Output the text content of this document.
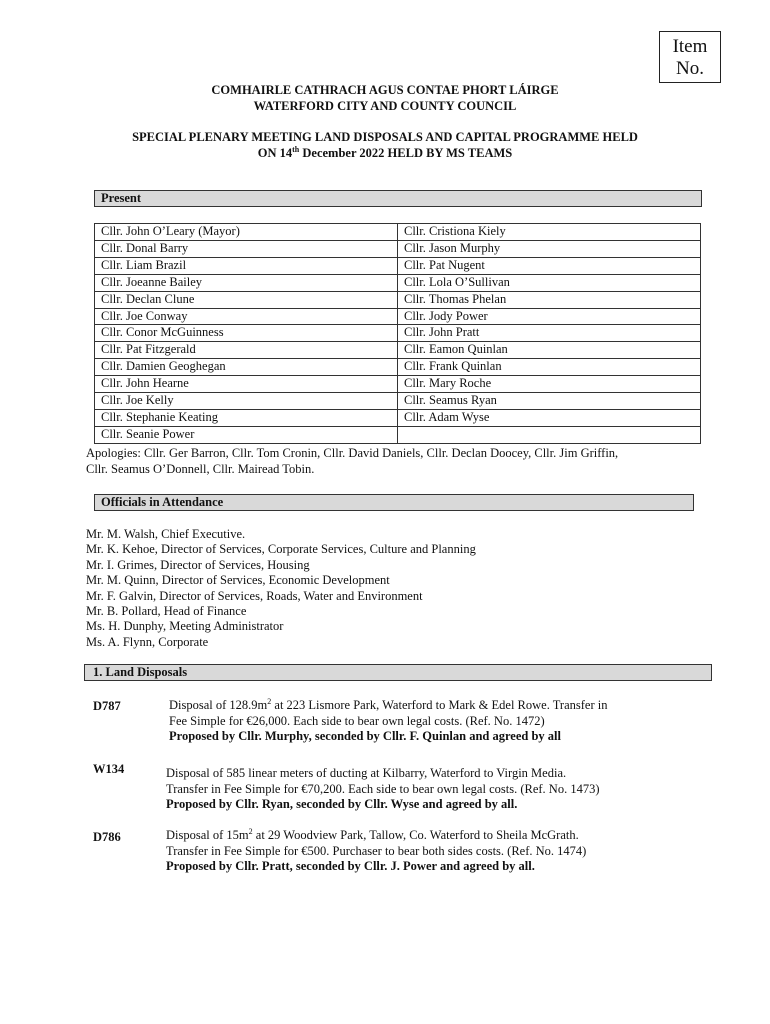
Item
No.
COMHAIRLE CATHRACH AGUS CONTAE PHORT LÁIRGE
WATERFORD CITY AND COUNTY COUNCIL
SPECIAL PLENARY MEETING LAND DISPOSALS AND CAPITAL PROGRAMME HELD
ON 14th December 2022 HELD BY MS TEAMS
Present
Cllr. John O’Leary (Mayor)	Cllr. Cristiona Kiely
Cllr. Donal Barry	Cllr. Jason Murphy
Cllr. Liam Brazil	Cllr. Pat Nugent
Cllr. Joeanne Bailey	Cllr. Lola O’Sullivan
Cllr. Declan Clune	Cllr. Thomas Phelan
Cllr. Joe Conway	Cllr. Jody Power
Cllr. Conor McGuinness	Cllr. John Pratt
Cllr. Pat Fitzgerald	Cllr. Eamon Quinlan
Cllr. Damien Geoghegan	Cllr. Frank Quinlan
Cllr. John Hearne	Cllr. Mary Roche
Cllr. Joe Kelly	Cllr. Seamus Ryan
Cllr. Stephanie Keating	Cllr. Adam Wyse
Cllr. Seanie Power	
Apologies: Cllr. Ger Barron, Cllr. Tom Cronin, Cllr. David Daniels, Cllr. Declan Doocey, Cllr. Jim Griffin,
Cllr. Seamus O’Donnell, Cllr. Mairead Tobin.
Officials in Attendance
Mr. M. Walsh, Chief Executive.
Mr. K. Kehoe, Director of Services, Corporate Services, Culture and Planning
Mr. I. Grimes, Director of Services, Housing
Mr. M. Quinn, Director of Services, Economic Development
Mr. F. Galvin, Director of Services, Roads, Water and Environment
Mr. B. Pollard, Head of Finance
Ms. H. Dunphy, Meeting Administrator
Ms. A. Flynn, Corporate
1. Land Disposals
D787	Disposal of $128.9m^2$ at 223 Lismore Park, Waterford to Mark & Edel Rowe. Transfer in
Fee Simple for €26,000. Each side to bear own legal costs. (Ref. No. 1472)
Proposed by Cllr. Murphy, seconded by Cllr. F. Quinlan and agreed by all
W134	Disposal of 585 linear meters of ducting at Kilbarry, Waterford to Virgin Media.
Transfer in Fee Simple for €70,200. Each side to bear own legal costs. (Ref. No. 1473)
Proposed by Cllr. Ryan, seconded by Cllr. Wyse and agreed by all.
D786	Disposal of $15m^2$ at 29 Woodview Park, Tallow, Co. Waterford to Sheila McGrath.
Transfer in Fee Simple for €500. Purchaser to bear both sides costs. (Ref. No. 1474)
Proposed by Cllr. Pratt, seconded by Cllr. J. Power and agreed by all.
